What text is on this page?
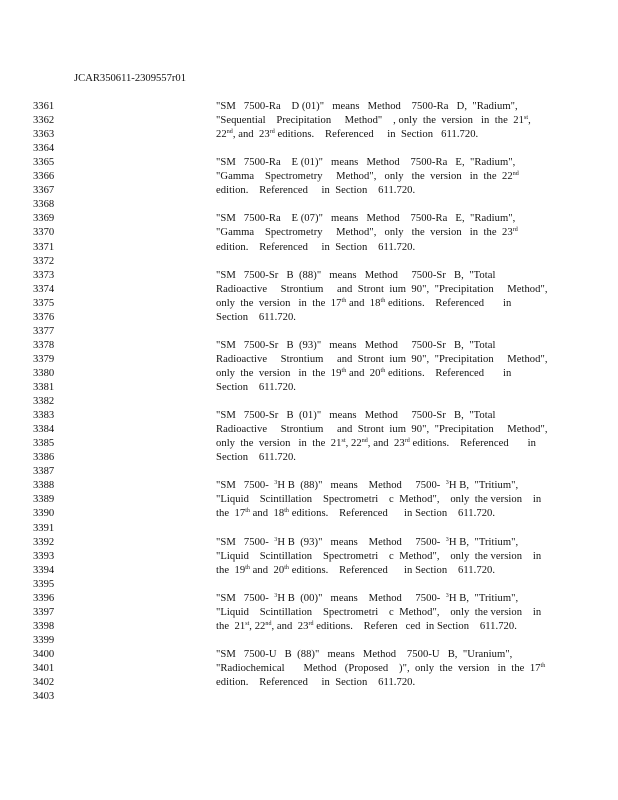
JCAR350611-2309557r01
3361	"SM   7500-Ra    D (01)"   means   Method    7500-Ra   D,  "Radium",
3362	"Sequential    Precipitation     Method"    , only  the  version   in  the  21st,
3363	22nd, and  23rd editions.    Referenced     in  Section   611.720.
3364
3365	"SM   7500-Ra    E (01)"   means   Method    7500-Ra   E,  "Radium",
3366	"Gamma    Spectrometry     Method",   only   the  version   in  the  22nd
3367	edition.    Referenced     in  Section    611.720.
3368
3369	"SM   7500-Ra    E (07)"   means   Method    7500-Ra   E,  "Radium",
3370	"Gamma    Spectrometry     Method",   only   the  version   in  the  23rd
3371	edition.    Referenced     in  Section    611.720.
3372
3373	"SM   7500-Sr   B  (88)"   means   Method     7500-Sr   B,  "Total
3374	Radioactive     Strontium     and  Stront  ium  90",  "Precipitation     Method",
3375	only  the  version   in  the  17th and  18th editions.    Referenced       in
3376	Section    611.720.
3377
3378	"SM   7500-Sr   B  (93)"   means   Method     7500-Sr   B,  "Total
3379	Radioactive     Strontium     and  Stront  ium  90",  "Precipitation     Method",
3380	only  the  version   in  the  19th and  20th editions.    Referenced       in
3381	Section    611.720.
3382
3383	"SM   7500-Sr   B  (01)"   means   Method     7500-Sr   B,  "Total
3384	Radioactive     Strontium     and  Stront  ium  90",  "Precipitation     Method",
3385	only  the  version   in  the  21st, 22nd, and  23rd editions.    Referenced       in
3386	Section    611.720.
3387
3388	"SM   7500-  $^3$H B  (88)"   means    Method     7500-  $^3$H B,  "Tritium",
3389	"Liquid    Scintillation    Spectrometri    c  Method",    only  the version    in
3390	the  17th and  18th editions.    Referenced      in Section    611.720.
3391
3392	"SM   7500-  $^3$H B  (93)"   means    Method     7500-  $^3$H B,  "Tritium",
3393	"Liquid    Scintillation    Spectrometri    c  Method",    only  the version    in
3394	the  19th and  20th editions.    Referenced      in Section    611.720.
3395
3396	"SM   7500-  $^3$H B  (00)"   means    Method     7500-  $^3$H B,  "Tritium",
3397	"Liquid    Scintillation    Spectrometri    c  Method",    only  the version    in
3398	the  21st, 22nd, and  23rd editions.    Referen   ced  in Section    611.720.
3399
3400	"SM   7500-U   B  (88)"   means   Method    7500-U   B,  "Uranium",
3401	"Radiochemical       Method   (Proposed    )",  only  the  version   in  the  17th
3402	edition.    Referenced     in  Section    611.720.
3403
